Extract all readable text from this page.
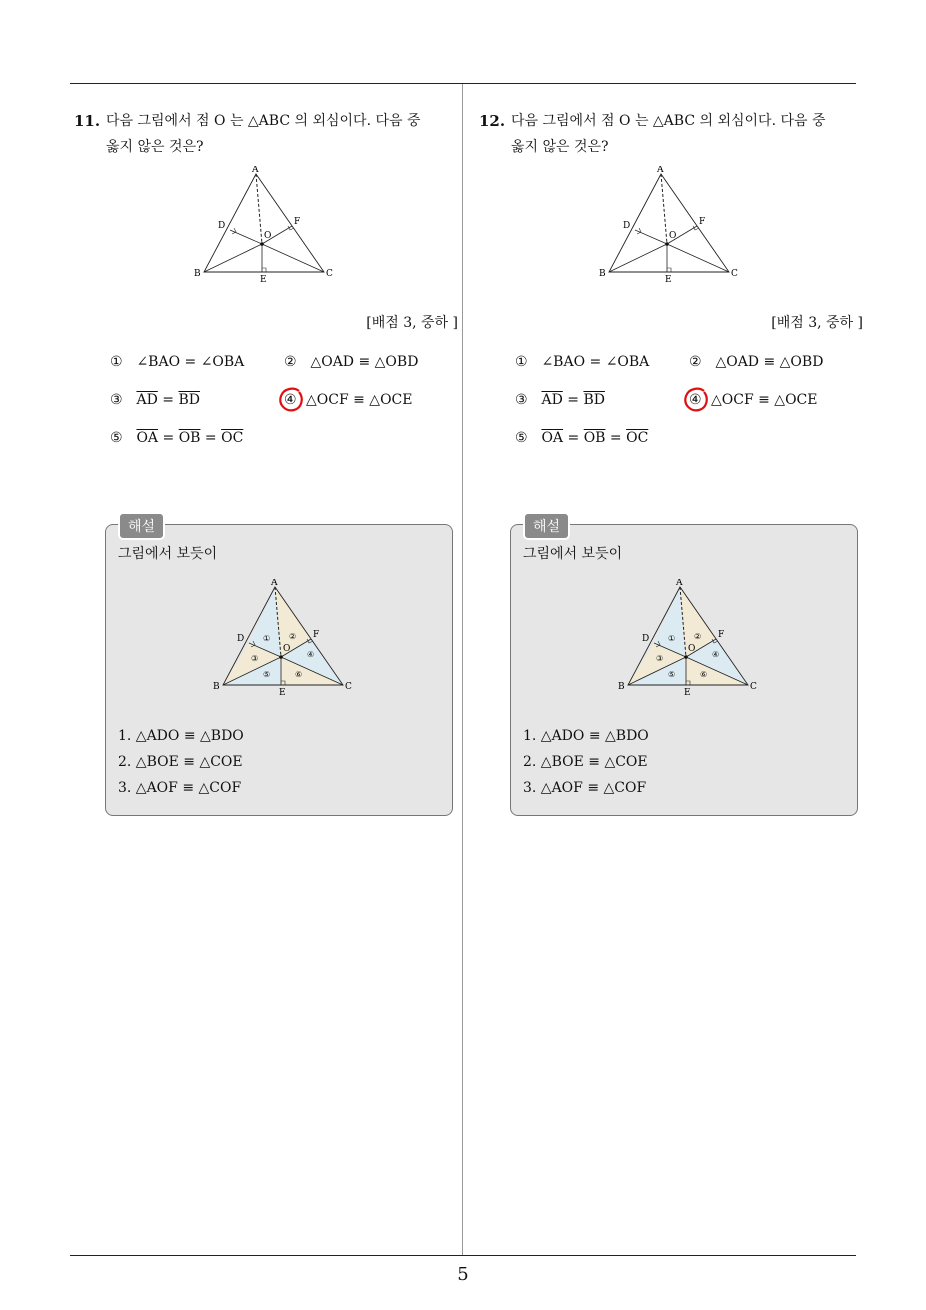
5
11. 다음 그림에서 점 O 는 △ABC 의 외심이다. 다음 중
옳지 않은 것은?
A
B	C
D
E
F
O
[배점 3, 중하 ]
① ∠BAO = ∠OBA	② △OAD ≡ △OBD
③ $\overline{AD} = \overline{BD}$	④ △OCF ≡ △OCE
⑤ $\overline{OA} = \overline{OB} = \overline{OC}$
해설
그림에서 보듯이
A
B	C
D
E
F
O
① ②
③	④
⑤	⑥
1. △ADO ≡ △BDO
2. △BOE ≡ △COE
3. △AOF ≡ △COF
12. 다음 그림에서 점 O 는 △ABC 의 외심이다. 다음 중
옳지 않은 것은?
A
B	C
D
E
F
O
[배점 3, 중하 ]
① ∠BAO = ∠OBA	② △OAD ≡ △OBD
③ $\overline{AD} = \overline{BD}$	④ △OCF ≡ △OCE
⑤ $\overline{OA} = \overline{OB} = \overline{OC}$
해설
그림에서 보듯이
A
B	C
D
E
F
O
① ②
③	④
⑤	⑥
1. △ADO ≡ △BDO
2. △BOE ≡ △COE
3. △AOF ≡ △COF
